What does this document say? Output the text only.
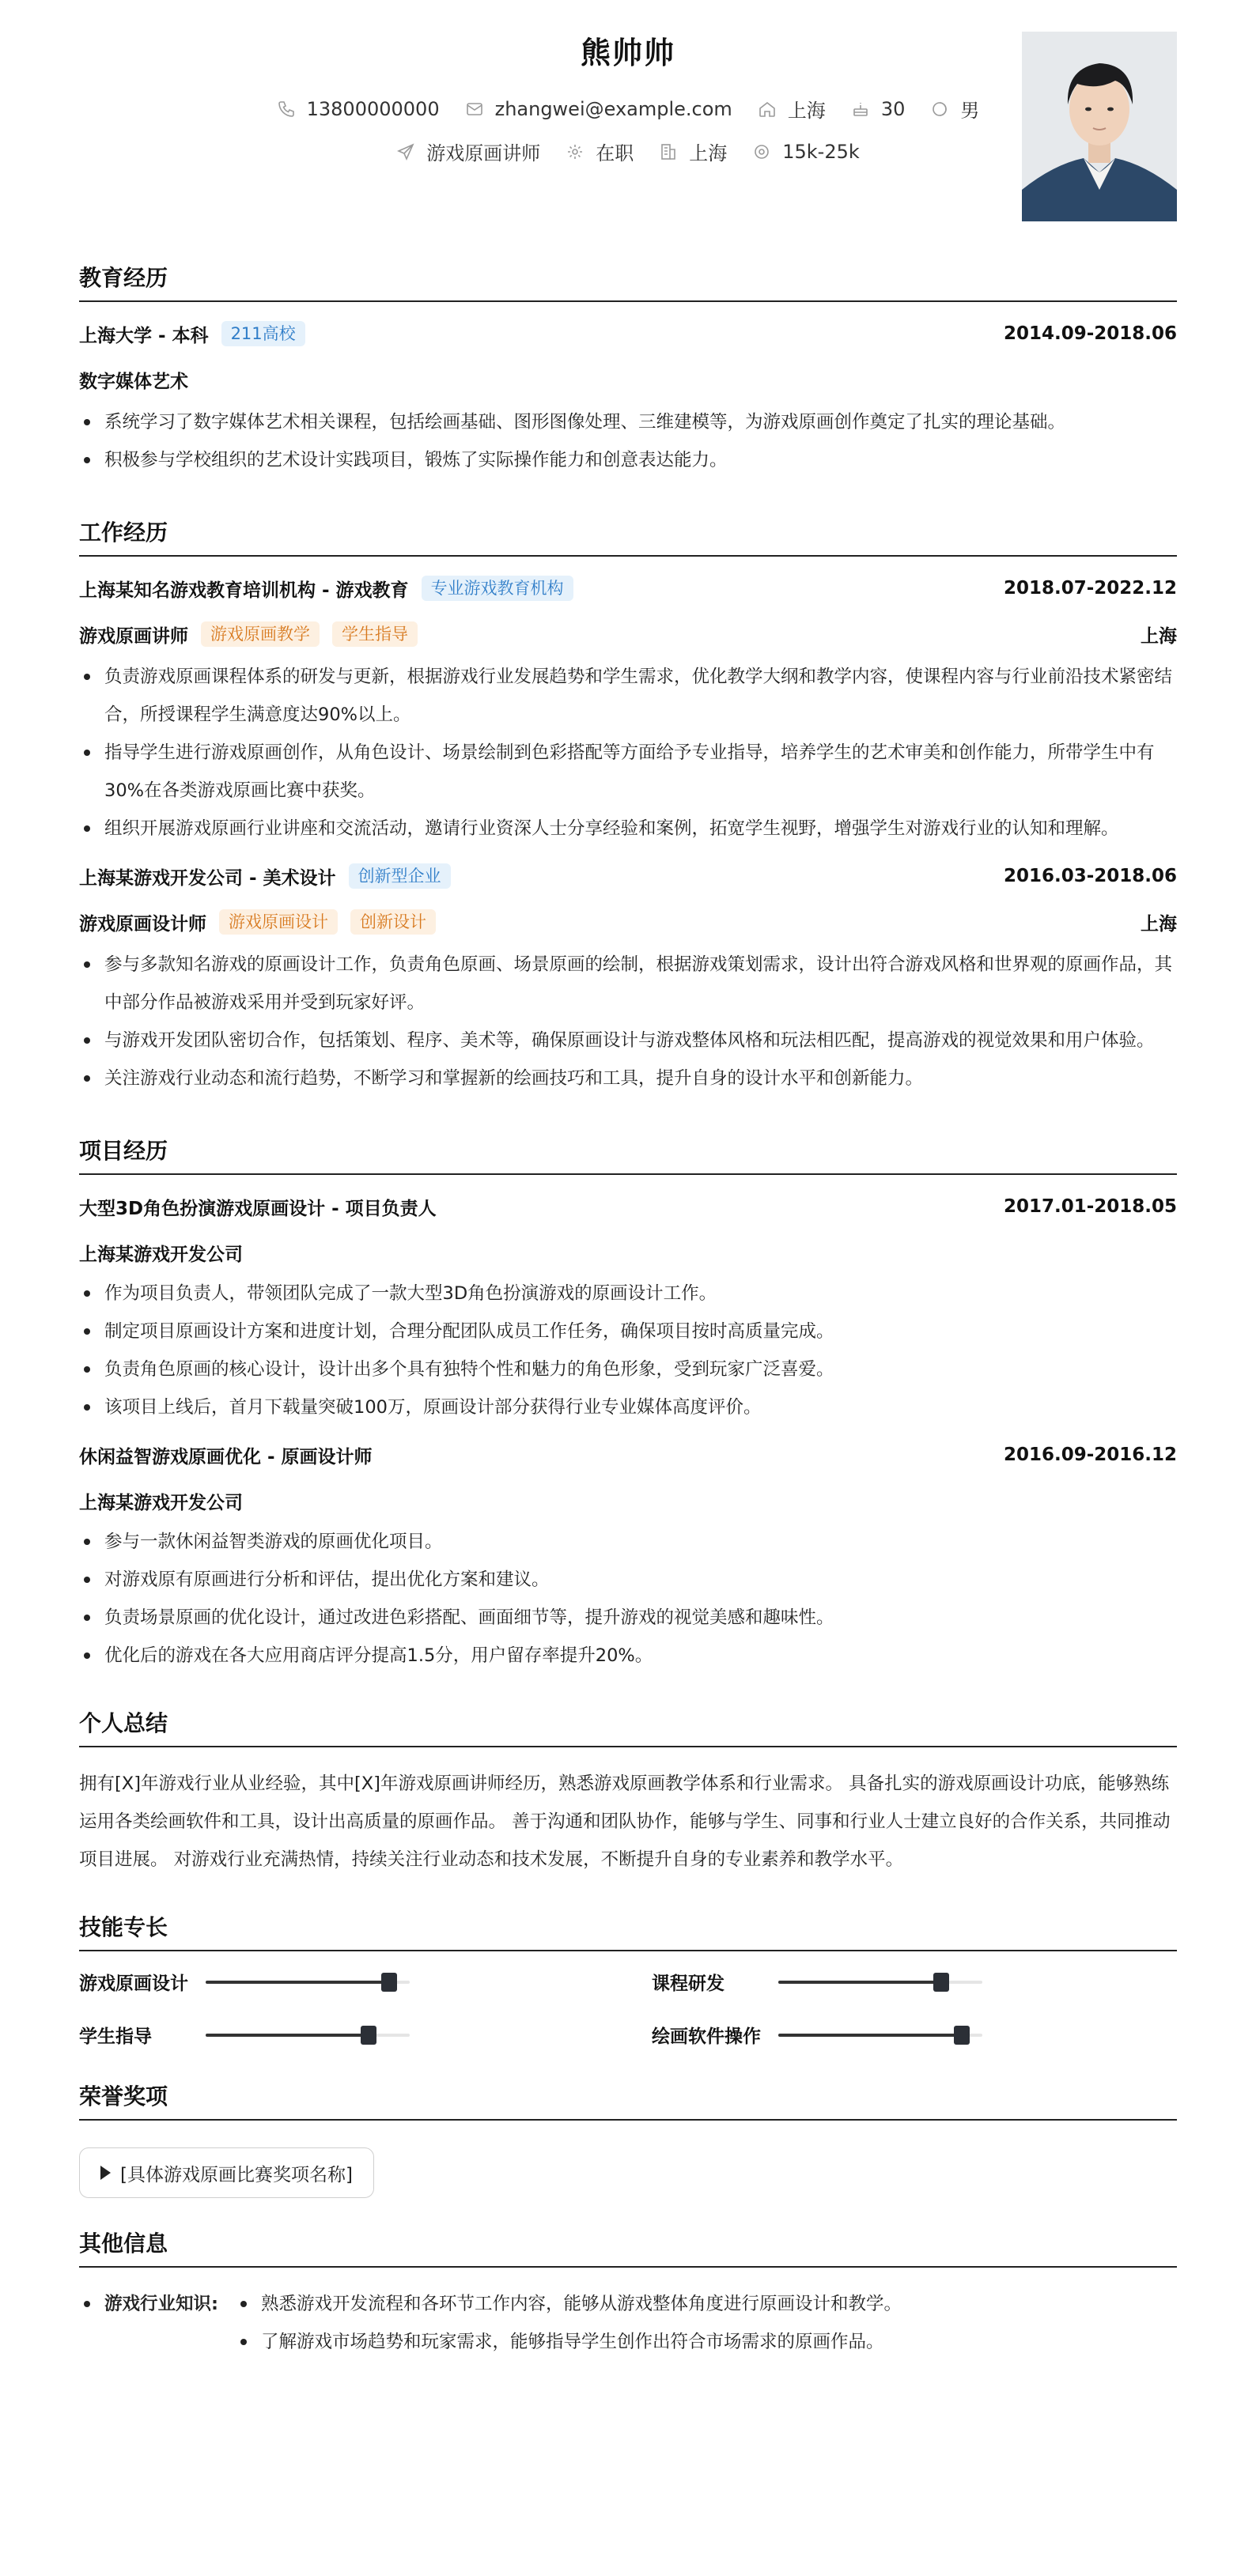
熊帅帅
13800000000	zhangwei@example.com	上海	30	男
游戏原画讲师	在职	上海	15k-25k
教育经历
上海大学 - 本科	211高校	2014.09-2018.06
数字媒体艺术
系统学习了数字媒体艺术相关课程，包括绘画基础、图形图像处理、三维建模等，为游戏原画创作奠定了扎实的理论基础。
积极参与学校组织的艺术设计实践项目，锻炼了实际操作能力和创意表达能力。
工作经历
上海某知名游戏教育培训机构 - 游戏教育	专业游戏教育机构	2018.07-2022.12
游戏原画讲师	游戏原画教学	学生指导	上海
负责游戏原画课程体系的研发与更新，根据游戏行业发展趋势和学生需求，优化教学大纲和教学内容，使课程内容与行业前沿技术紧密结合，所授课程学生满意度达90%以上。
指导学生进行游戏原画创作，从角色设计、场景绘制到色彩搭配等方面给予专业指导，培养学生的艺术审美和创作能力，所带学生中有30%在各类游戏原画比赛中获奖。
组织开展游戏原画行业讲座和交流活动，邀请行业资深人士分享经验和案例，拓宽学生视野，增强学生对游戏行业的认知和理解。
上海某游戏开发公司 - 美术设计	创新型企业	2016.03-2018.06
游戏原画设计师	游戏原画设计	创新设计	上海
参与多款知名游戏的原画设计工作，负责角色原画、场景原画的绘制，根据游戏策划需求，设计出符合游戏风格和世界观的原画作品，其中部分作品被游戏采用并受到玩家好评。
与游戏开发团队密切合作，包括策划、程序、美术等，确保原画设计与游戏整体风格和玩法相匹配，提高游戏的视觉效果和用户体验。
关注游戏行业动态和流行趋势，不断学习和掌握新的绘画技巧和工具，提升自身的设计水平和创新能力。
项目经历
大型3D角色扮演游戏原画设计 - 项目负责人	2017.01-2018.05
上海某游戏开发公司
作为项目负责人，带领团队完成了一款大型3D角色扮演游戏的原画设计工作。
制定项目原画设计方案和进度计划，合理分配团队成员工作任务，确保项目按时高质量完成。
负责角色原画的核心设计，设计出多个具有独特个性和魅力的角色形象，受到玩家广泛喜爱。
该项目上线后，首月下载量突破100万，原画设计部分获得行业专业媒体高度评价。
休闲益智游戏原画优化 - 原画设计师	2016.09-2016.12
上海某游戏开发公司
参与一款休闲益智类游戏的原画优化项目。
对游戏原有原画进行分析和评估，提出优化方案和建议。
负责场景原画的优化设计，通过改进色彩搭配、画面细节等，提升游戏的视觉美感和趣味性。
优化后的游戏在各大应用商店评分提高1.5分，用户留存率提升20%。
个人总结
拥有[X]年游戏行业从业经验，其中[X]年游戏原画讲师经历，熟悉游戏原画教学体系和行业需求。 具备扎实的游戏原画设计功底，能够熟练运用各类绘画软件和工具，设计出高质量的原画作品。 善于沟通和团队协作，能够与学生、同事和行业人士建立良好的合作关系，共同推动项目进展。 对游戏行业充满热情，持续关注行业动态和技术发展，不断提升自身的专业素养和教学水平。
技能专长
游戏原画设计	课程研发
学生指导	绘画软件操作
荣誉奖项
[具体游戏原画比赛奖项名称]
其他信息
游戏行业知识:	熟悉游戏开发流程和各环节工作内容，能够从游戏整体角度进行原画设计和教学。
了解游戏市场趋势和玩家需求，能够指导学生创作出符合市场需求的原画作品。
